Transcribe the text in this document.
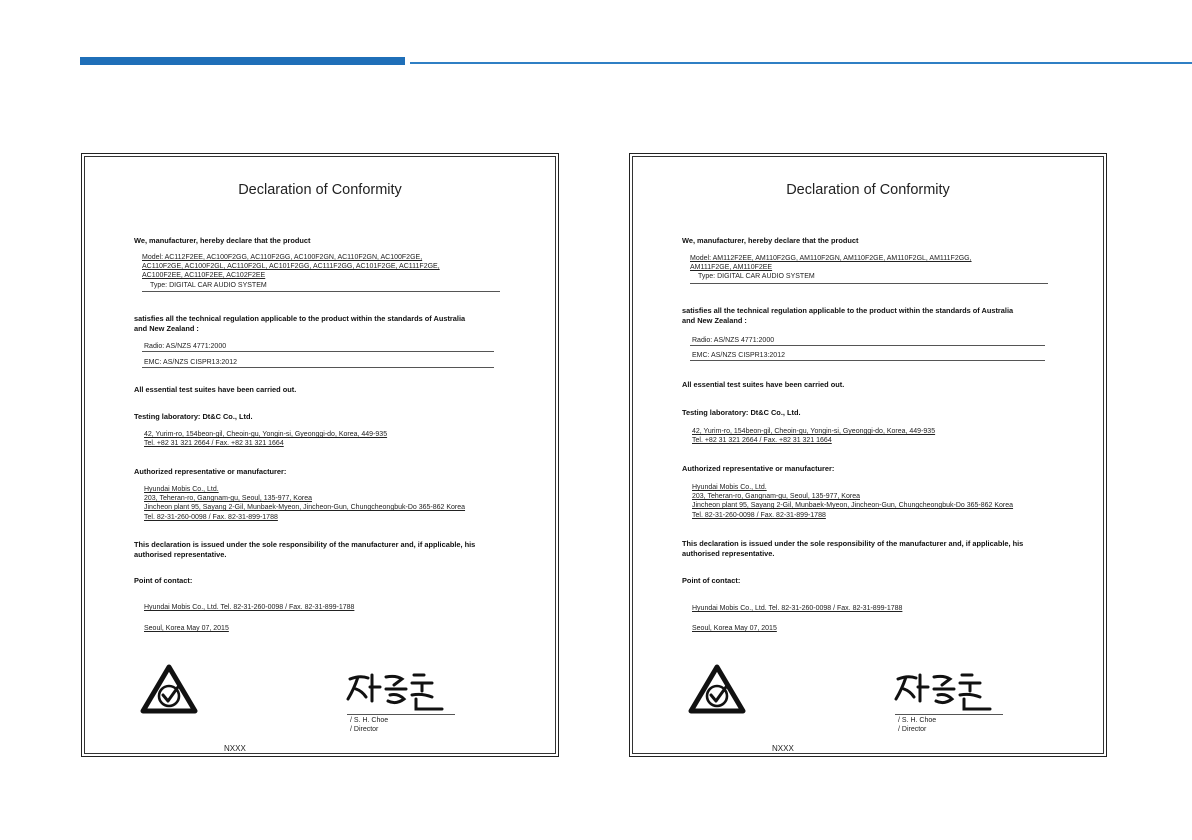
Declaration of Conformity
We, manufacturer, hereby declare that the product
Model: AC112F2EE, AC100F2GG, AC110F2GG, AC100F2GN, AC110F2GN, AC100F2GE,
AC110F2GE, AC100F2GL, AC110F2GL, AC101F2GG, AC111F2GG, AC101F2GE, AC111F2GE,
AC100F2EE, AC110F2EE, AC102F2EE
Type: DIGITAL CAR AUDIO SYSTEM
satisfies all the technical regulation applicable to the product within the standards of Australia
and New Zealand :
Radio: AS/NZS 4771:2000
EMC: AS/NZS CISPR13:2012
All essential test suites have been carried out.
Testing laboratory: Dt&C Co., Ltd.
42, Yurim-ro, 154beon-gil, Cheoin-gu, Yongin-si, Gyeonggi-do, Korea, 449-935
Tel. +82 31 321 2664 / Fax. +82 31 321 1664
Authorized representative or manufacturer:
Hyundai Mobis Co., Ltd.
203, Teheran-ro, Gangnam-gu, Seoul, 135-977, Korea
Jincheon plant 95, Sayang 2-Gil, Munbaek-Myeon, Jincheon-Gun, Chungcheongbuk-Do 365-862 Korea
Tel. 82-31-260-0098 / Fax. 82-31-899-1788
This declaration is issued under the sole responsibility of the manufacturer and, if applicable, his
authorised representative.
Point of contact:
Hyundai Mobis Co., Ltd. Tel. 82-31-260-0098 / Fax. 82-31-899-1788
Seoul, Korea May 07, 2015
/ S. H. Choe
/ Director
NXXX
Declaration of Conformity
We, manufacturer, hereby declare that the product
Model: AM112F2EE, AM110F2GG, AM110F2GN, AM110F2GE, AM110F2GL, AM111F2GG,
AM111F2GE, AM110F2EE
Type: DIGITAL CAR AUDIO SYSTEM
satisfies all the technical regulation applicable to the product within the standards of Australia
and New Zealand :
Radio: AS/NZS 4771:2000
EMC: AS/NZS CISPR13:2012
All essential test suites have been carried out.
Testing laboratory: Dt&C Co., Ltd.
42, Yurim-ro, 154beon-gil, Cheoin-gu, Yongin-si, Gyeonggi-do, Korea, 449-935
Tel. +82 31 321 2664 / Fax. +82 31 321 1664
Authorized representative or manufacturer:
Hyundai Mobis Co., Ltd.
203, Teheran-ro, Gangnam-gu, Seoul, 135-977, Korea
Jincheon plant 95, Sayang 2-Gil, Munbaek-Myeon, Jincheon-Gun, Chungcheongbuk-Do 365-862 Korea
Tel. 82-31-260-0098 / Fax. 82-31-899-1788
This declaration is issued under the sole responsibility of the manufacturer and, if applicable, his
authorised representative.
Point of contact:
Hyundai Mobis Co., Ltd. Tel. 82-31-260-0098 / Fax. 82-31-899-1788
Seoul, Korea May 07, 2015
/ S. H. Choe
/ Director
NXXX
